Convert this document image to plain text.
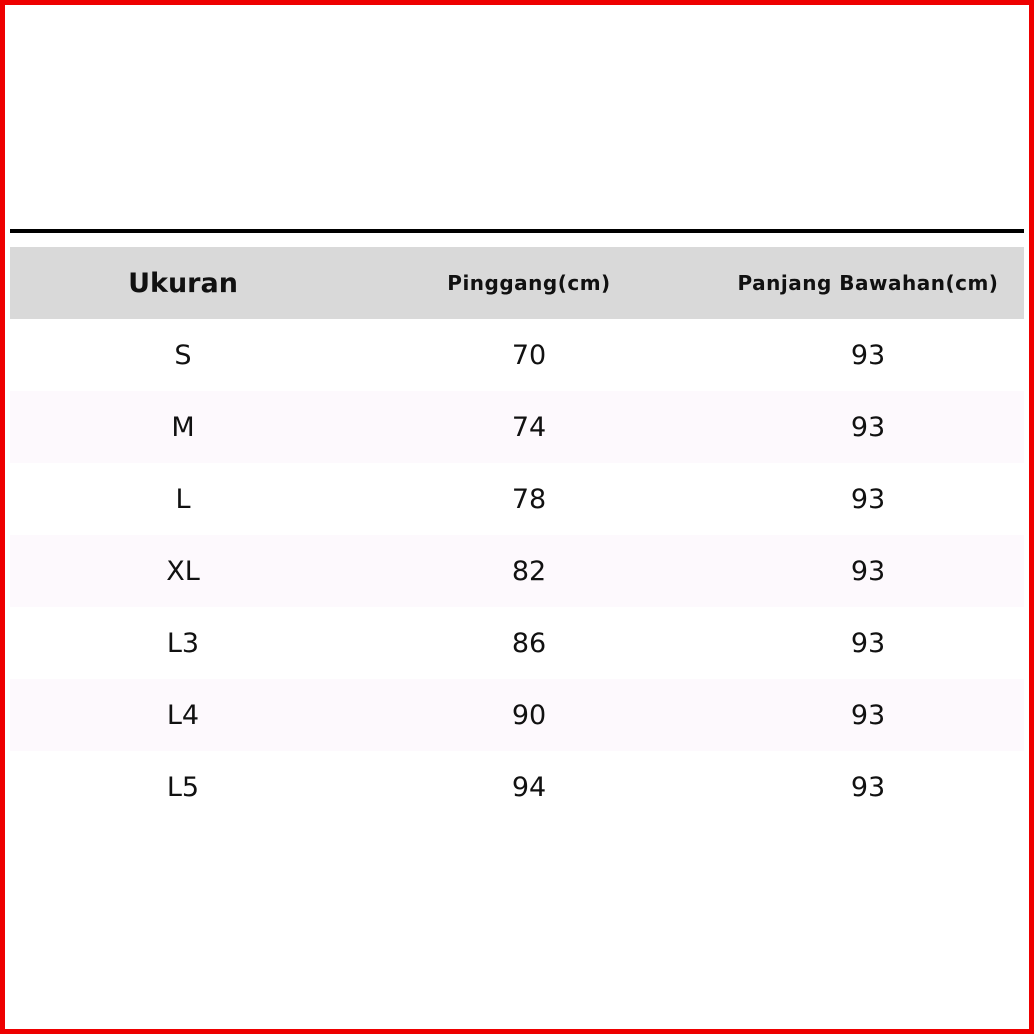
Ukuran	Pinggang(cm)	Panjang Bawahan(cm)
S	70	93
M	74	93
L	78	93
XL	82	93
L3	86	93
L4	90	93
L5	94	93
